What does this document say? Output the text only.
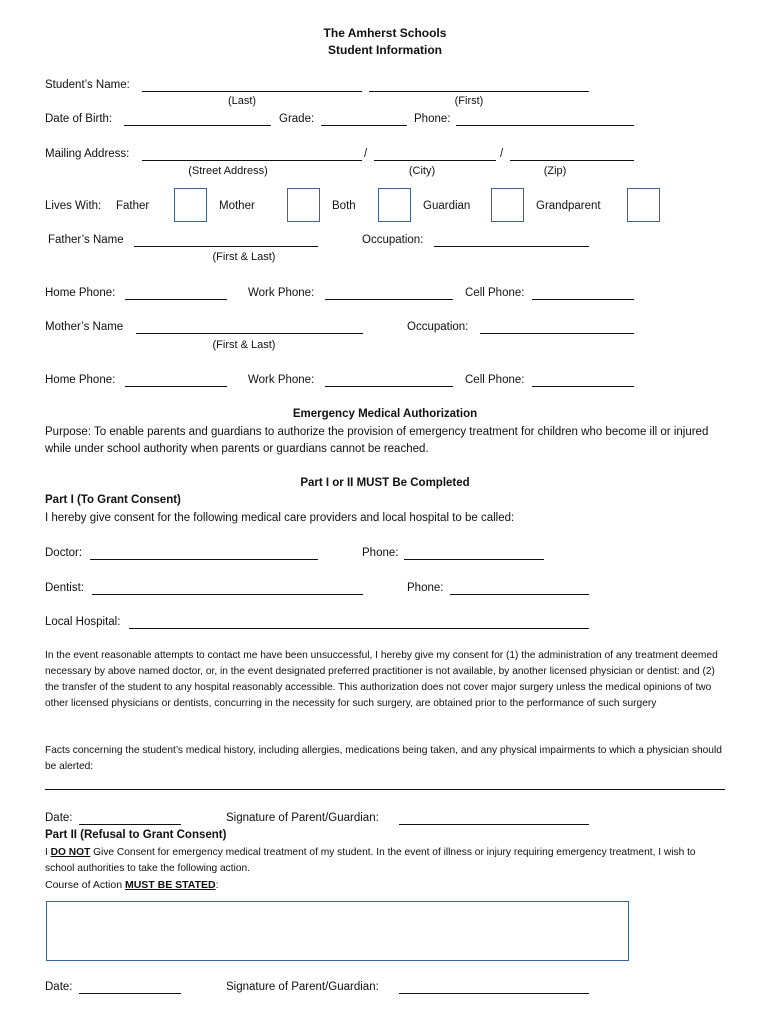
The Amherst Schools
Student Information
Student’s Name:
(Last)	(First)
Date of Birth:	Grade:	Phone:
Mailing Address:	/	/
(Street Address)	(City)	(Zip)
Lives With: Father	Mother	Both	Guardian	Grandparent
Father’s Name	Occupation:
(First & Last)
Home Phone:	Work Phone:	Cell Phone:
Mother’s Name	Occupation:
(First & Last)
Home Phone:	Work Phone:	Cell Phone:
Emergency Medical Authorization
Purpose: To enable parents and guardians to authorize the provision of emergency treatment for children who become ill or injured while under school authority when parents or guardians cannot be reached.
Part I or II MUST Be Completed
Part I (To Grant Consent)
I hereby give consent for the following medical care providers and local hospital to be called:
Doctor:	Phone:
Dentist:	Phone:
Local Hospital:
In the event reasonable attempts to contact me have been unsuccessful, I hereby give my consent for (1) the administration of any treatment deemed necessary by above named doctor, or, in the event designated preferred practitioner is not available, by another licensed physician or dentist: and (2) the transfer of the student to any hospital reasonably accessible. This authorization does not cover major surgery unless the medical opinions of two other licensed physicians or dentists, concurring in the necessity for such surgery, are obtained prior to the performance of such surgery
Facts concerning the student’s medical history, including allergies, medications being taken, and any physical impairments to which a physician should be alerted:
Date:	Signature of Parent/Guardian:
Part II (Refusal to Grant Consent)
I DO NOT Give Consent for emergency medical treatment of my student. In the event of illness or injury requiring emergency treatment, I wish to school authorities to take the following action.
Course of Action MUST BE STATED:
Date:	Signature of Parent/Guardian:
